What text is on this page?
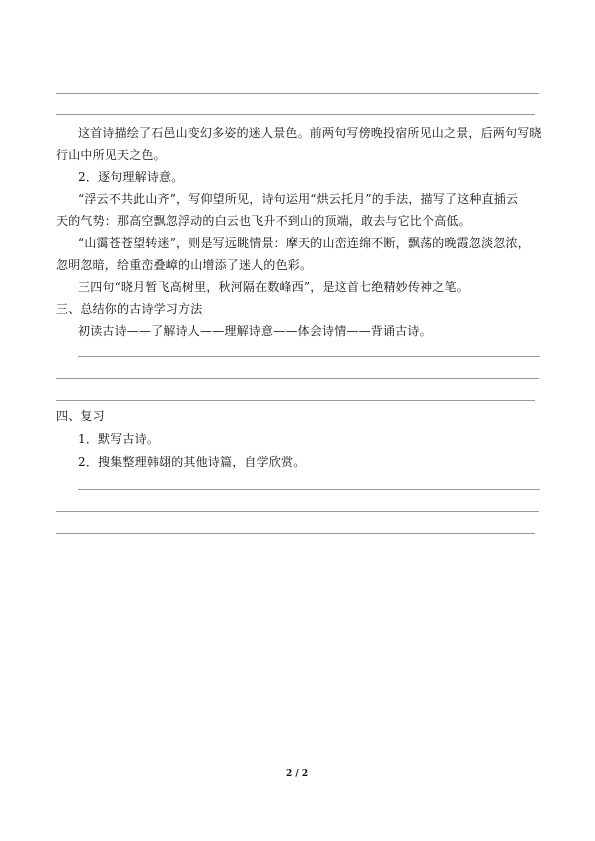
这首诗描绘了石邑山变幻多姿的迷人景色。前两句写傍晚投宿所见山之景，后两句写晓
行山中所见天之色。
2．逐句理解诗意。
“浮云不共此山齐”，写仰望所见，诗句运用“烘云托月”的手法，描写了这种直插云
天的气势：那高空飘忽浮动的白云也飞升不到山的顶端，敢去与它比个高低。
“山霭苍苍望转迷”，则是写远眺情景：摩天的山峦连绵不断，飘荡的晚霞忽淡忽浓，
忽明忽暗，给重峦叠嶂的山增添了迷人的色彩。
三四句“晓月暂飞高树里，秋河隔在数峰西”，是这首七绝精妙传神之笔。
三、总结你的古诗学习方法
初读古诗——了解诗人——理解诗意——体会诗情——背诵古诗。
四、复习
1．默写古诗。
2．搜集整理韩翃的其他诗篇，自学欣赏。
2 / 2
